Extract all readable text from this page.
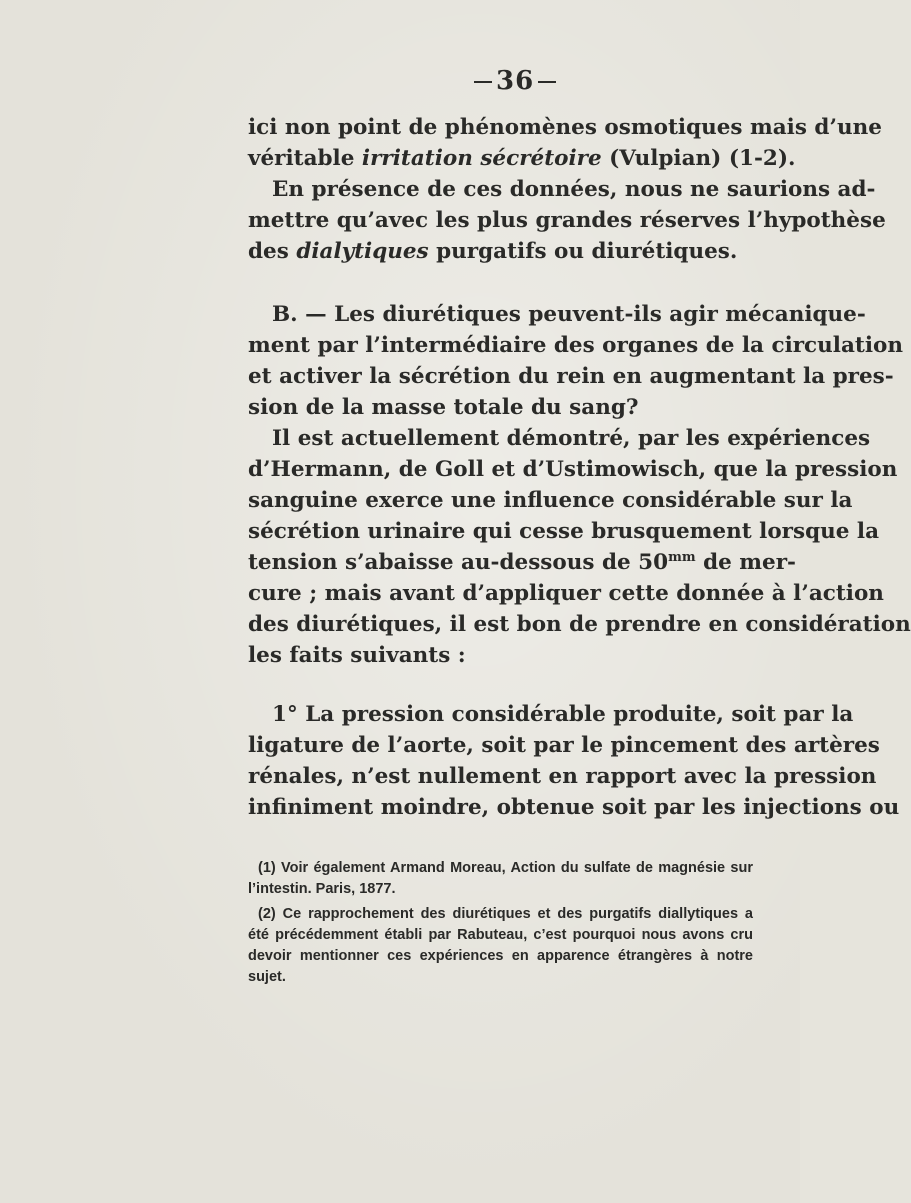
36
ici non point de phénomènes osmotiques mais d’une
véritable irritation sécrétoire (Vulpian) (1-2).
En présence de ces données, nous ne saurions ad-
mettre qu’avec les plus grandes réserves l’hypothèse
des dialytiques purgatifs ou diurétiques.
B. — Les diurétiques peuvent-ils agir mécanique-
ment par l’intermédiaire des organes de la circulation
et activer la sécrétion du rein en augmentant la pres-
sion de la masse totale du sang?
Il est actuellement démontré, par les expériences
d’Hermann, de Goll et d’Ustimowisch, que la pression
sanguine exerce une influence considérable sur la
sécrétion urinaire qui cesse brusquement lorsque la
tension s’abaisse au-dessous de $50^{mm}$ de mer-
cure ; mais avant d’appliquer cette donnée à l’action
des diurétiques, il est bon de prendre en considération
les faits suivants :
1° La pression considérable produite, soit par la
ligature de l’aorte, soit par le pincement des artères
rénales, n’est nullement en rapport avec la pression
infiniment moindre, obtenue soit par les injections ou
(1) Voir également Armand Moreau, Action du sulfate de magnésie sur
l’intestin. Paris, 1877.
(2) Ce rapprochement des diurétiques et des purgatifs diallytiques a
été précédemment établi par Rabuteau, c’est pourquoi nous avons cru
devoir mentionner ces expériences en apparence étrangères à notre
sujet.
